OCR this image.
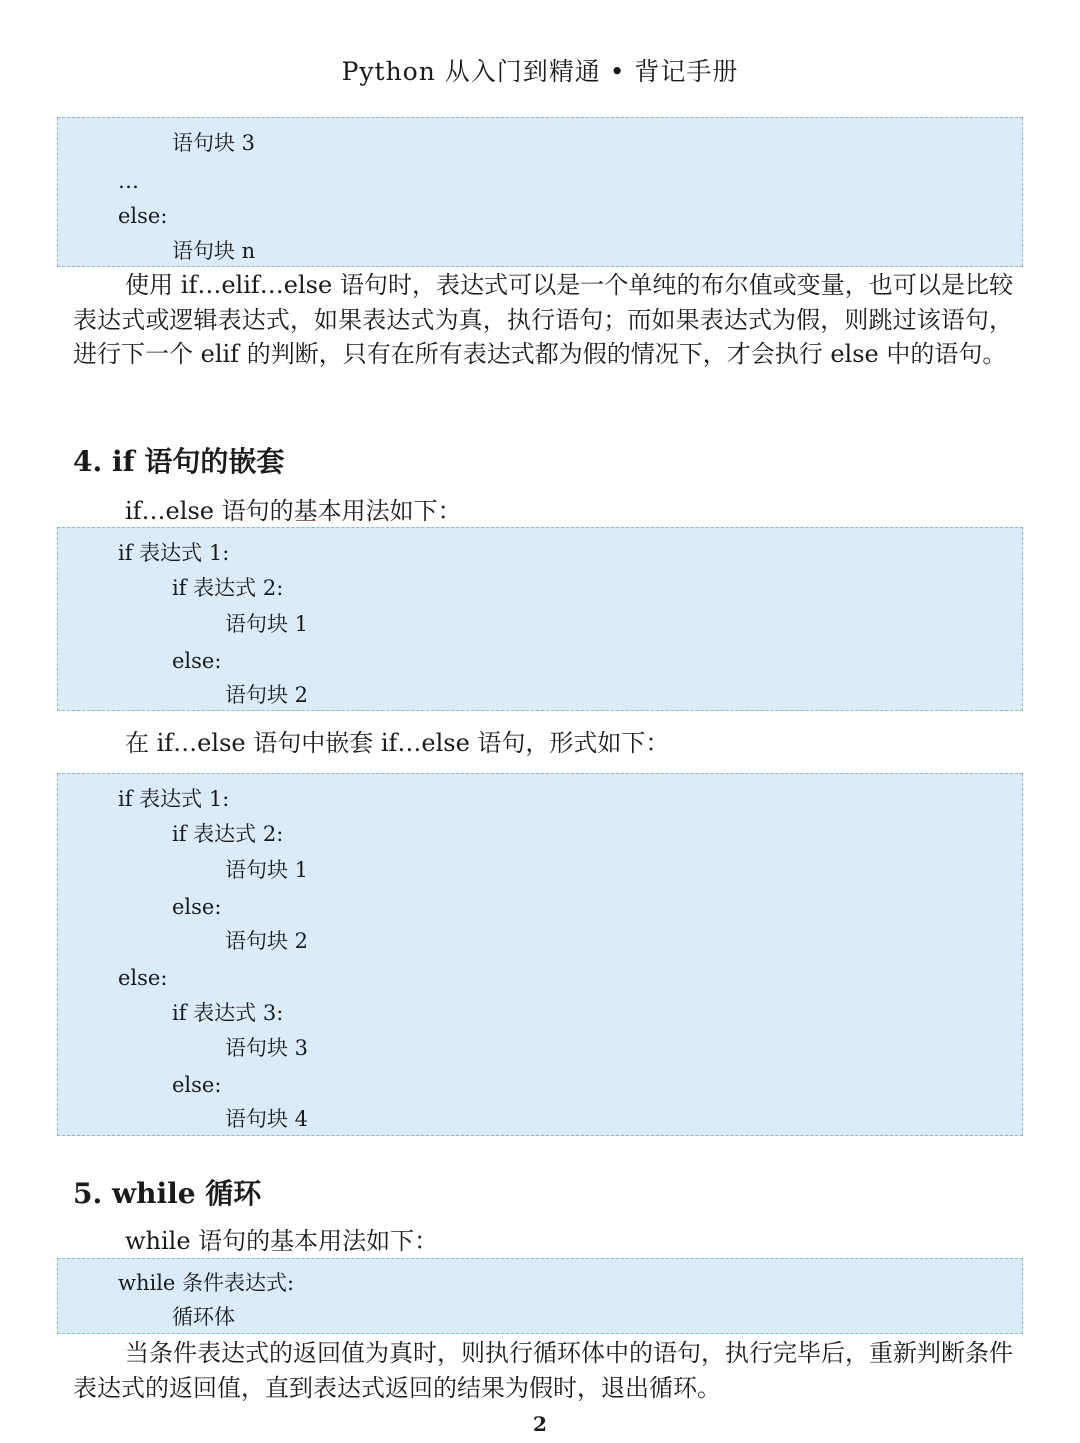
Python 从入门到精通 • 背记手册
语句块 3
…
else:
语句块 n
使用 if…elif…else 语句时，表达式可以是一个单纯的布尔值或变量，也可以是比较表达式或逻辑表达式，如果表达式为真，执行语句；而如果表达式为假，则跳过该语句，进行下一个 elif 的判断，只有在所有表达式都为假的情况下，才会执行 else 中的语句。
4. if 语句的嵌套
if…else 语句的基本用法如下：
if 表达式 1:
if 表达式 2:
语句块 1
else:
语句块 2
在 if…else 语句中嵌套 if…else 语句，形式如下：
if 表达式 1:
if 表达式 2:
语句块 1
else:
语句块 2
else:
if 表达式 3:
语句块 3
else:
语句块 4
5. while 循环
while 语句的基本用法如下：
while 条件表达式:
循环体
当条件表达式的返回值为真时，则执行循环体中的语句，执行完毕后，重新判断条件表达式的返回值，直到表达式返回的结果为假时，退出循环。
2
